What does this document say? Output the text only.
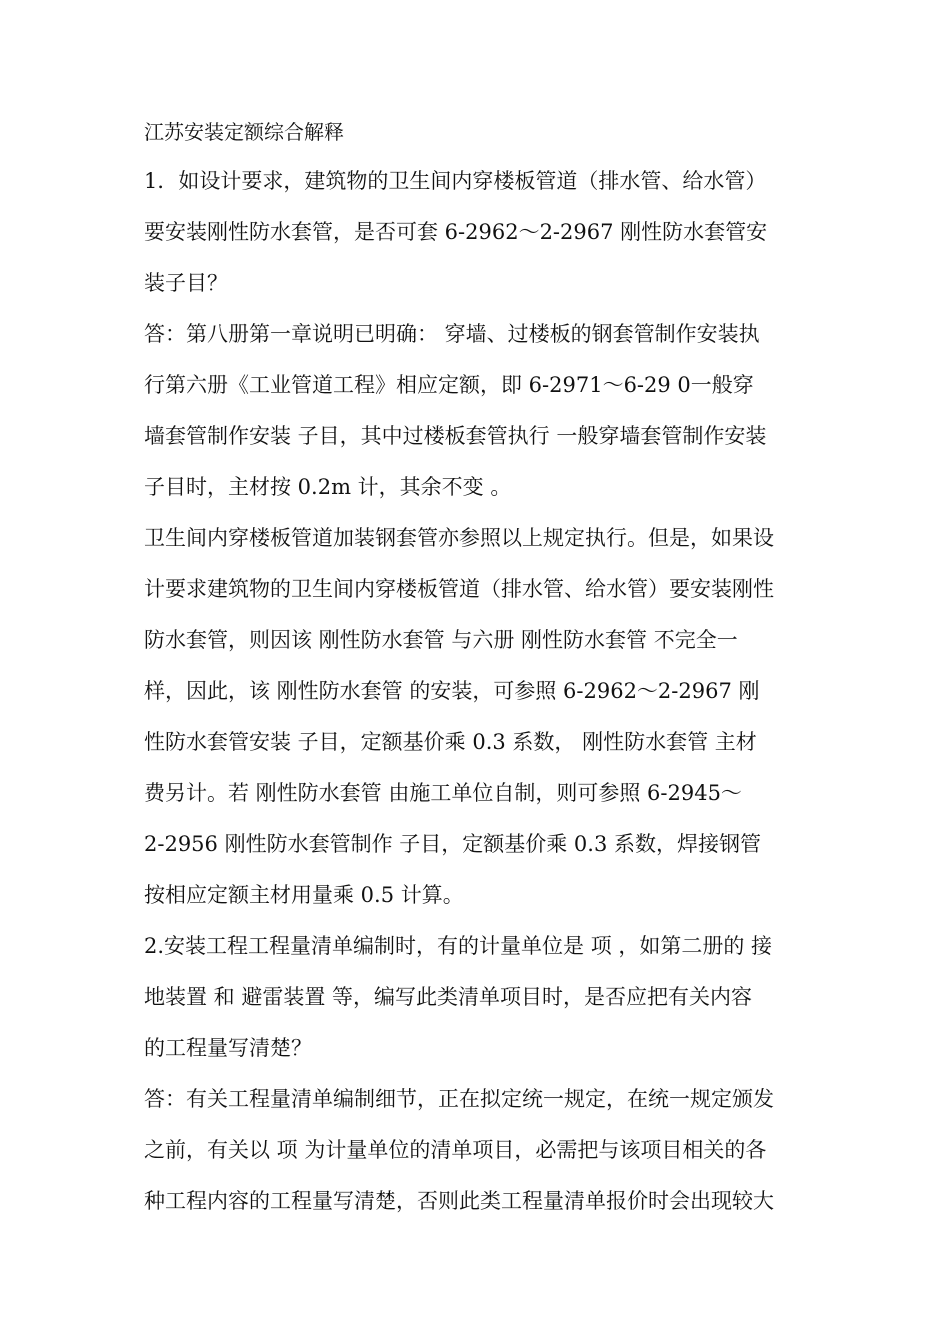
江苏安装定额综合解释

1．如设计要求，建筑物的卫生间内穿楼板管道（排水管、给水管）
要安装刚性防水套管，是否可套 6-2962～2-2967 刚性防水套管安
装子目？

答：第八册第一章说明已明确： 穿墙、过楼板的钢套管制作安装执
行第六册《工业管道工程》相应定额，即 6-2971～6-29 0一般穿
墙套管制作安装 子目，其中过楼板套管执行 一般穿墙套管制作安装
子目时，主材按 0.2m 计，其余不变 。

卫生间内穿楼板管道加装钢套管亦参照以上规定执行。但是，如果设
计要求建筑物的卫生间内穿楼板管道（排水管、给水管）要安装刚性
防水套管，则因该 刚性防水套管 与六册 刚性防水套管 不完全一
样，因此，该 刚性防水套管 的安装，可参照 6-2962～2-2967 刚
性防水套管安装 子目，定额基价乘 0.3 系数， 刚性防水套管 主材
费另计。若 刚性防水套管 由施工单位自制，则可参照 6-2945～
2-2956 刚性防水套管制作 子目，定额基价乘 0.3 系数，焊接钢管
按相应定额主材用量乘 0.5 计算。

2.安装工程工程量清单编制时，有的计量单位是 项 ，如第二册的 接
地装置 和 避雷装置 等，编写此类清单项目时，是否应把有关内容
的工程量写清楚？

答：有关工程量清单编制细节，正在拟定统一规定，在统一规定颁发
之前，有关以 项 为计量单位的清单项目，必需把与该项目相关的各
种工程内容的工程量写清楚，否则此类工程量清单报价时会出现较大
